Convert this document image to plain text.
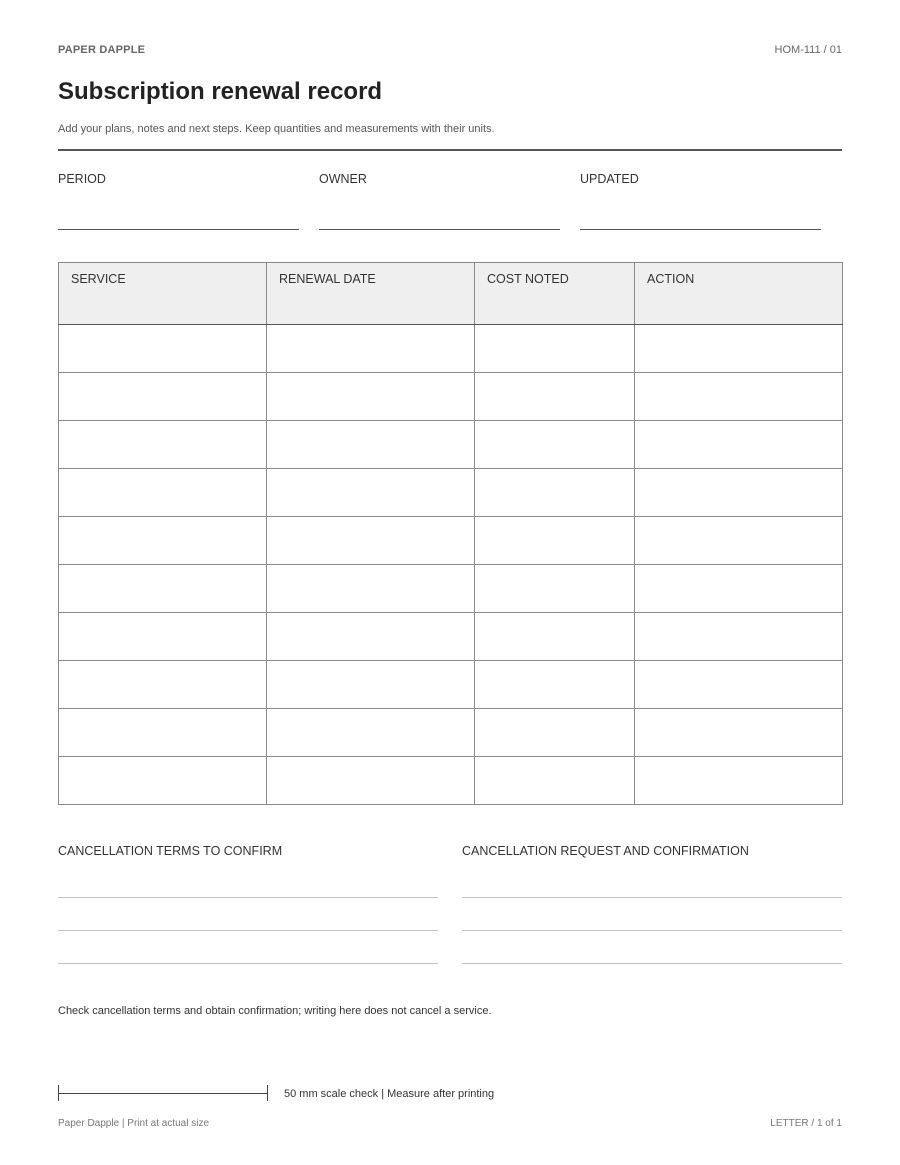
PAPER DAPPLE	HOM-111 / 01
Subscription renewal record
Add your plans, notes and next steps. Keep quantities and measurements with their units.
PERIOD	OWNER	UPDATED
SERVICE	RENEWAL DATE	COST NOTED	ACTION

CANCELLATION TERMS TO CONFIRM	CANCELLATION REQUEST AND CONFIRMATION
Check cancellation terms and obtain confirmation; writing here does not cancel a service.
50 mm scale check | Measure after printing
Paper Dapple | Print at actual size	LETTER / 1 of 1
